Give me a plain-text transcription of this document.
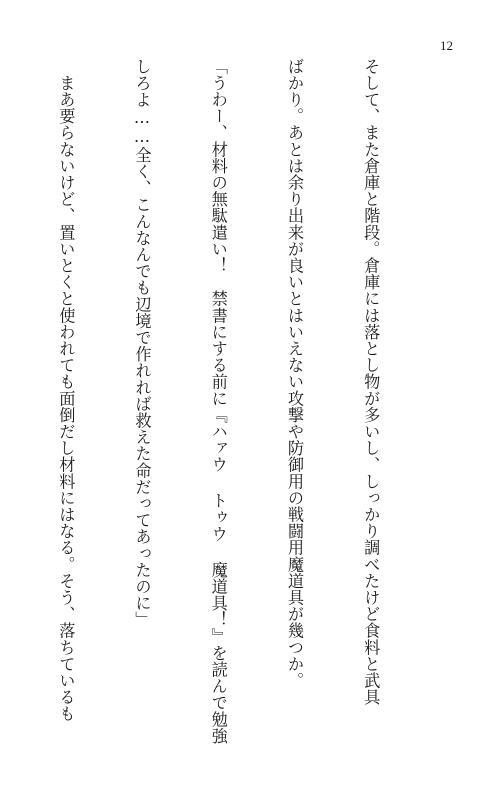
12

そして、また倉庫と階段。倉庫には落とし物が多いし、しっかり調べたけど食料と武具

ばかり。あとは余り出来が良いとはいえない攻撃や防御用の戦闘用魔道具が幾つか。

「うわー、材料の無駄遣い！　禁書にする前に『ハァウ トゥウ 魔道具！』を読んで勉強

しろよ……全く、こんなんでも辺境で作れれば救えた命だってあったのに」

　まあ要らないけど、置いとくと使われても面倒だし材料にはなる。そう、落ちているも
